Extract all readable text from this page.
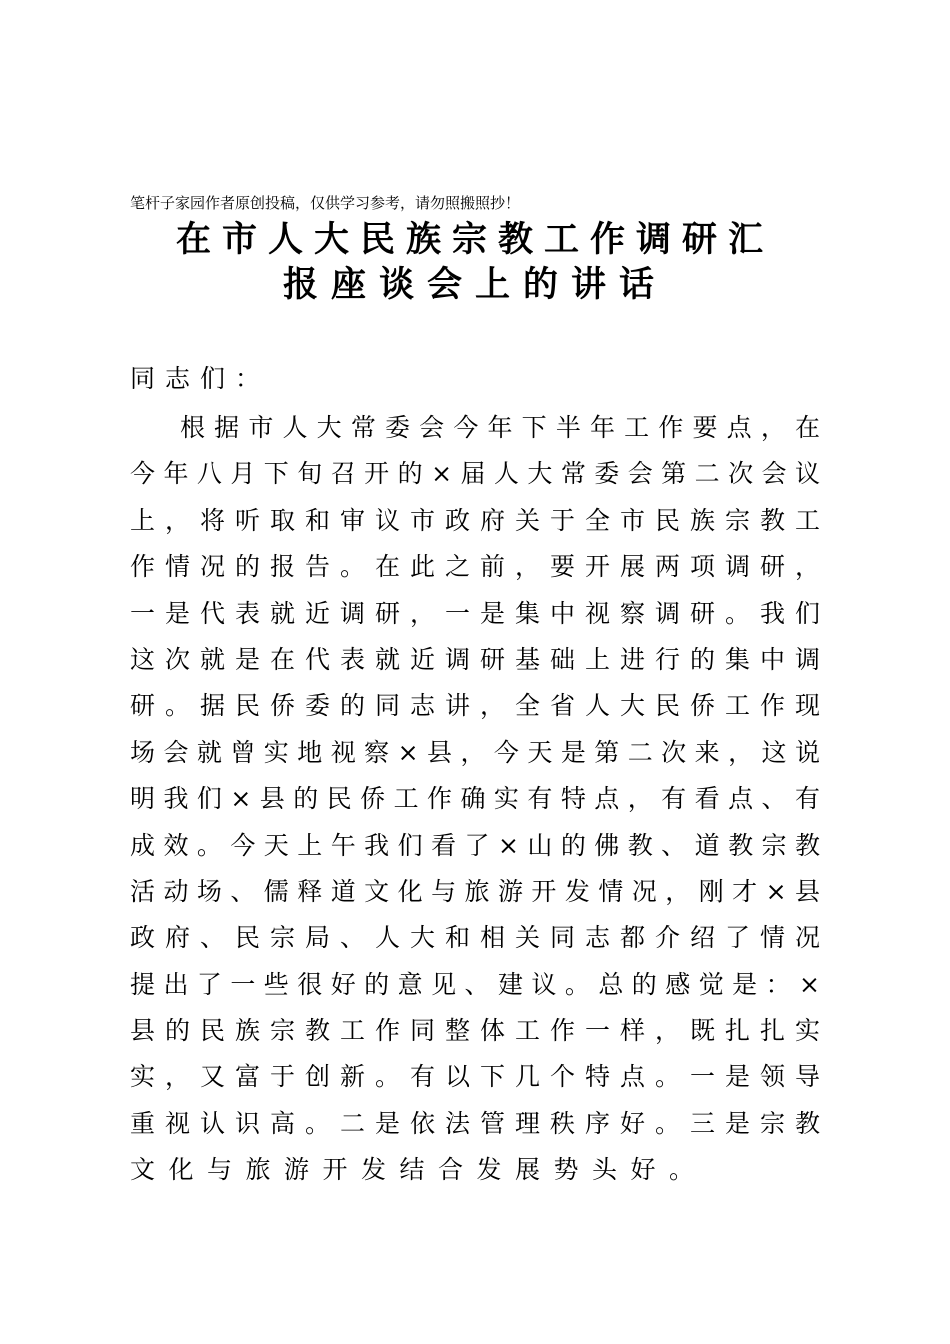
笔杆子家园作者原创投稿，仅供学习参考，请勿照搬照抄！
在市人大民族宗教工作调研汇
报座谈会上的讲话
同志们：
根​据​市​人​大​常​委​会​今​年​下​半​年​工​作​要​点​，​在
今​年​八​月​下​旬​召​开​的​×​届​人​大​常​委​会​第​二​次​会​议
上​，​将​听​取​和​审​议​市​政​府​关​于​全​市​民​族​宗​教​工
作​情​况​的​报​告​。​在​此​之​前​，​要​开​展​两​项​调​研​，
一​是​代​表​就​近​调​研​，​一​是​集​中​视​察​调​研​。​我​们
这​次​就​是​在​代​表​就​近​调​研​基​础​上​进​行​的​集​中​调
研​。​据​民​侨​委​的​同​志​讲​，​全​省​人​大​民​侨​工​作​现
场​会​就​曾​实​地​视​察​×​县​，​今​天​是​第​二​次​来​，​这​说
明​我​们​×​县​的​民​侨​工​作​确​实​有​特​点​，​有​看​点​、​有
成​效​。​今​天​上​午​我​们​看​了​×​山​的​佛​教​、​道​教​宗​教
活​动​场​、​儒​释​道​文​化​与​旅​游​开​发​情​况​，​刚​才​×​县
政​府​、​民​宗​局​、​人​大​和​相​关​同​志​都​介​绍​了​情​况
提​出​了​一​些​很​好​的​意​见​、​建​议​。​总​的​感​觉​是​：​×
县​的​民​族​宗​教​工​作​同​整​体​工​作​一​样​，​既​扎​扎​实
实​，​又​富​于​创​新​。​有​以​下​几​个​特​点​。​一​是​领​导
重​视​认​识​高​。​二​是​依​法​管​理​秩​序​好​。​三​是​宗​教
文化与旅游开发结合发展势头好。
